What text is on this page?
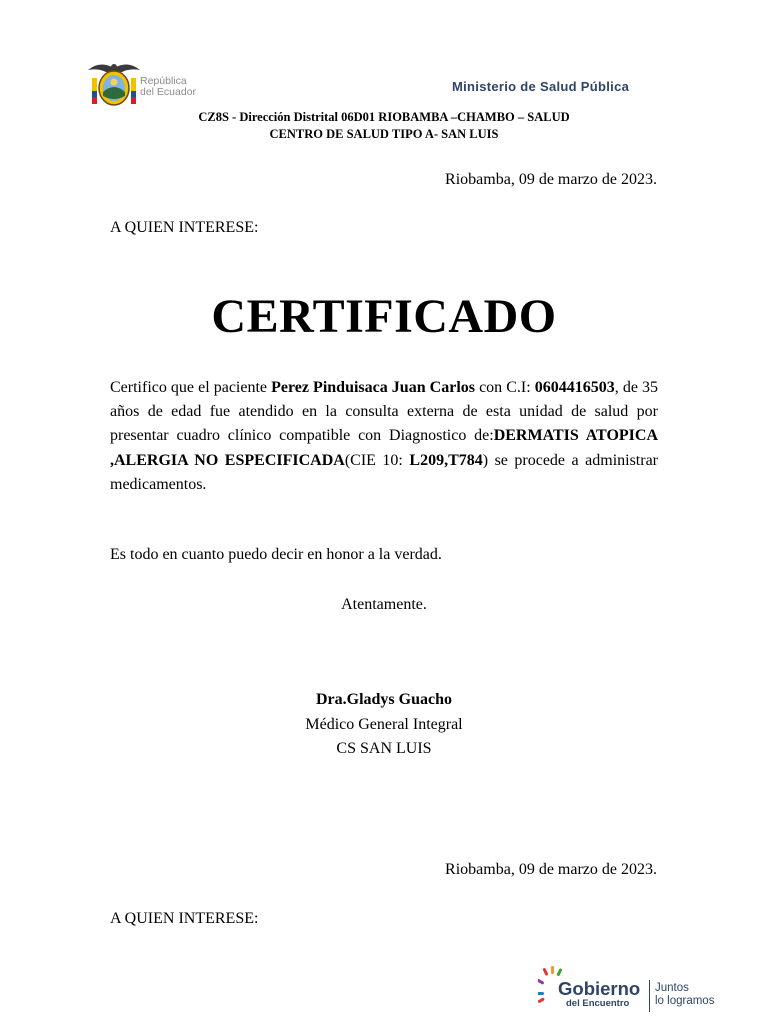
República
del Ecuador	Ministerio de Salud Pública
CZ8S - Dirección Distrital 06D01 RIOBAMBA –CHAMBO – SALUD
CENTRO DE SALUD TIPO A- SAN LUIS
Riobamba, 09 de marzo de 2023.
A QUIEN INTERESE:
CERTIFICADO
Certifico que el paciente Perez Pinduisaca Juan Carlos con C.I: 0604416503, de 35 años de edad fue atendido en la consulta externa de esta unidad de salud por presentar cuadro clínico compatible con Diagnostico de:DERMATIS ATOPICA ,ALERGIA NO ESPECIFICADA(CIE 10: L209,T784) se procede a administrar medicamentos.
Es todo en cuanto puedo decir en honor a la verdad.
Atentamente.
Dra.Gladys Guacho
Médico General Integral
CS SAN LUIS
Riobamba, 09 de marzo de 2023.
A QUIEN INTERESE:
Gobierno
del Encuentro
Juntos
lo logramos
